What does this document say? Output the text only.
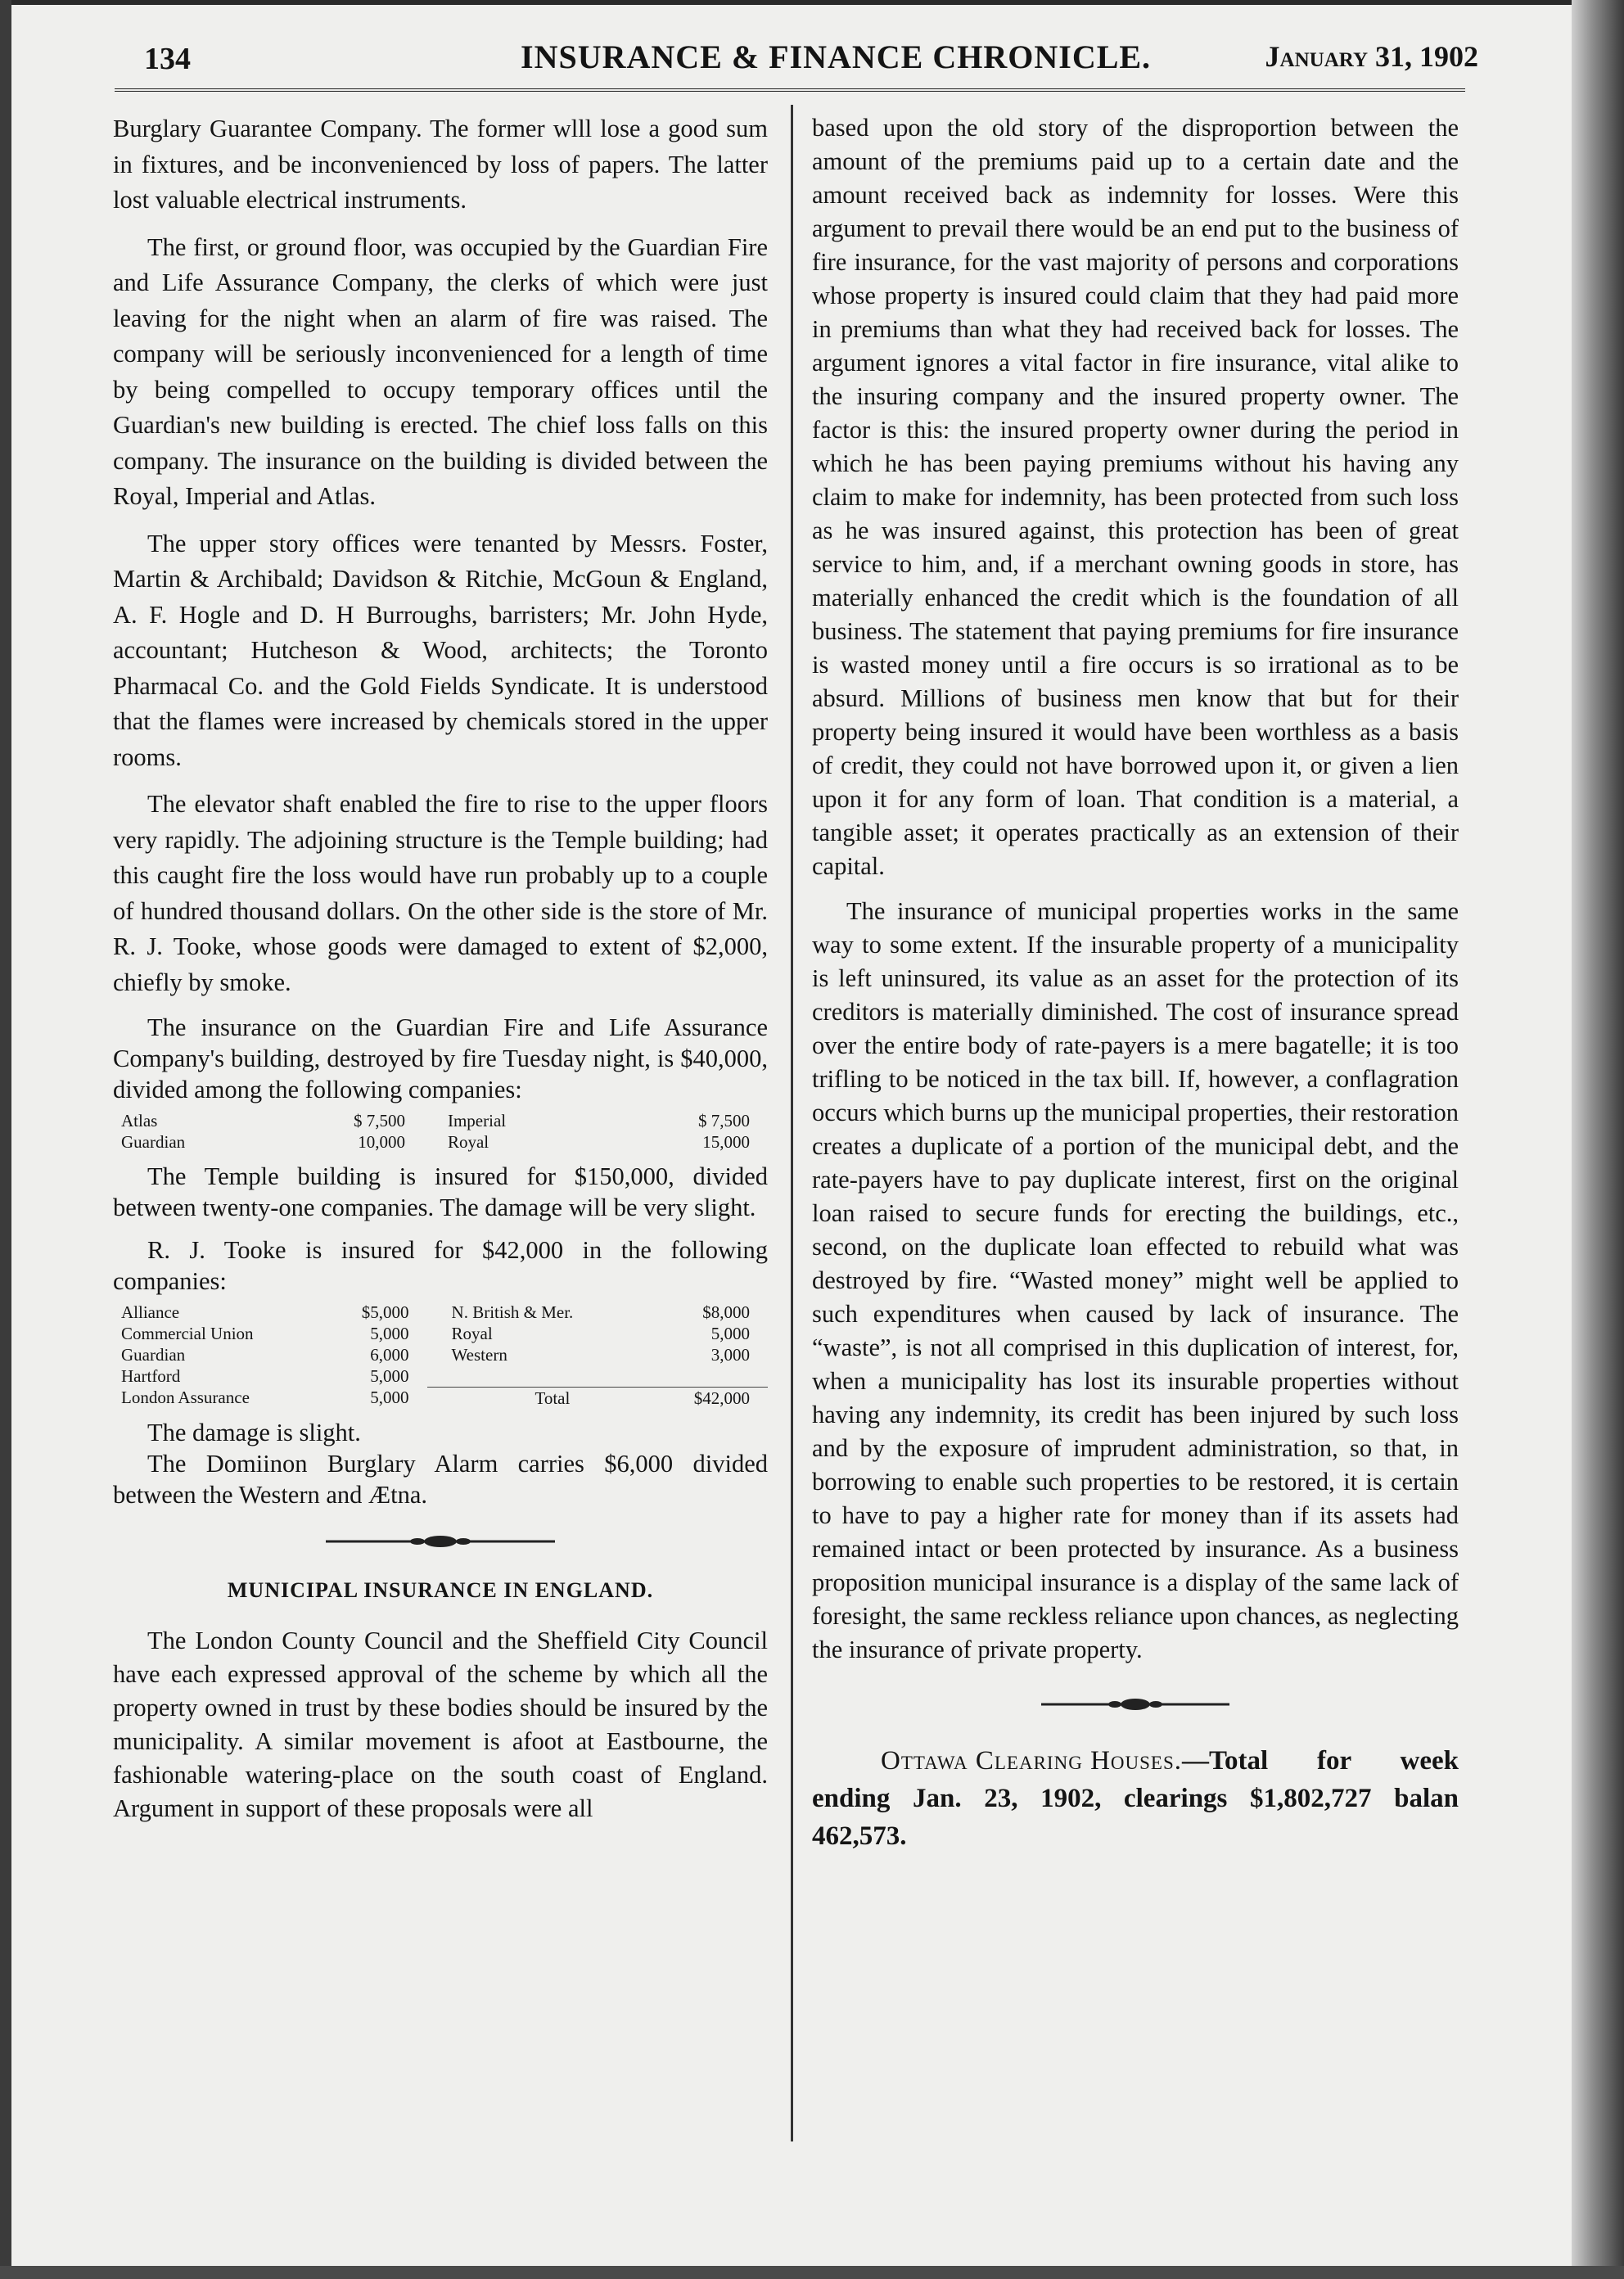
134	INSURANCE & FINANCE CHRONICLE.	January 31, 1902

Burglary Guarantee Company. The former wlll lose a good sum in fixtures, and be inconvenienced by loss of papers. The latter lost valuable electrical instruments.

The first, or ground floor, was occupied by the Guardian Fire and Life Assurance Company, the clerks of which were just leaving for the night when an alarm of fire was raised. The company will be seriously inconvenienced for a length of time by being compelled to occupy temporary offices until the Guardian's new building is erected. The chief loss falls on this company. The insurance on the building is divided between the Royal, Imperial and Atlas.

The upper story offices were tenanted by Messrs. Foster, Martin & Archibald; Davidson & Ritchie, McGoun & England, A. F. Hogle and D. H Burroughs, barristers; Mr. John Hyde, accountant; Hutcheson & Wood, architects; the Toronto Pharmacal Co. and the Gold Fields Syndicate. It is understood that the flames were increased by chemicals stored in the upper rooms.

The elevator shaft enabled the fire to rise to the upper floors very rapidly. The adjoining structure is the Temple building; had this caught fire the loss would have run probably up to a couple of hundred thousand dollars. On the other side is the store of Mr. R. J. Tooke, whose goods were damaged to extent of $2,000, chiefly by smoke.

The insurance on the Guardian Fire and Life Assurance Company's building, destroyed by fire Tuesday night, is $40,000, divided among the following companies:

Atlas	$ 7,500	Imperial	$ 7,500
Guardian	10,000	Royal	15,000

The Temple building is insured for $150,000, divided between twenty-one companies. The damage will be very slight.

R. J. Tooke is insured for $42,000 in the following companies:

Alliance	$5,000	N. British & Mer.	$8,000
Commercial Union	5,000	Royal	5,000
Guardian	6,000	Western	3,000
Hartford	5,000		
London Assurance	5,000	Total	$42,000

The damage is slight.

The Domiinon Burglary Alarm carries $6,000 divided between the Western and Ætna.

MUNICIPAL INSURANCE IN ENGLAND.

The London County Council and the Sheffield City Council have each expressed approval of the scheme by which all the property owned in trust by these bodies should be insured by the municipality. A similar movement is afoot at Eastbourne, the fashionable watering-place on the south coast of England. Argument in support of these proposals were all

based upon the old story of the disproportion between the amount of the premiums paid up to a certain date and the amount received back as indemnity for losses. Were this argument to prevail there would be an end put to the business of fire insurance, for the vast majority of persons and corporations whose property is insured could claim that they had paid more in premiums than what they had received back for losses. The argument ignores a vital factor in fire insurance, vital alike to the insuring company and the insured property owner. The factor is this: the insured property owner during the period in which he has been paying premiums without his having any claim to make for indemnity, has been protected from such loss as he was insured against, this protection has been of great service to him, and, if a merchant owning goods in store, has materially enhanced the credit which is the foundation of all business. The statement that paying premiums for fire insurance is wasted money until a fire occurs is so irrational as to be absurd. Millions of business men know that but for their property being insured it would have been worthless as a basis of credit, they could not have borrowed upon it, or given a lien upon it for any form of loan. That condition is a material, a tangible asset; it operates practically as an extension of their capital.

The insurance of municipal properties works in the same way to some extent. If the insurable property of a municipality is left uninsured, its value as an asset for the protection of its creditors is materially diminished. The cost of insurance spread over the entire body of rate-payers is a mere bagatelle; it is too trifling to be noticed in the tax bill. If, however, a conflagration occurs which burns up the municipal properties, their restoration creates a duplicate of a portion of the municipal debt, and the rate-payers have to pay duplicate interest, first on the original loan raised to secure funds for erecting the buildings, etc., second, on the duplicate loan effected to rebuild what was destroyed by fire. “Wasted money” might well be applied to such expenditures when caused by lack of insurance. The “waste”, is not all comprised in this duplication of interest, for, when a municipality has lost its insurable properties without having any indemnity, its credit has been injured by such loss and by the exposure of imprudent administration, so that, in borrowing to enable such properties to be restored, it is certain to have to pay a higher rate for money than if its assets had remained intact or been protected by insurance. As a business proposition municipal insurance is a display of the same lack of foresight, the same reckless reliance upon chances, as neglecting the insurance of private property.

Ottawa Clearing Houses.—Total for week ending Jan. 23, 1902, clearings $1,802,727 balan 462,573.
